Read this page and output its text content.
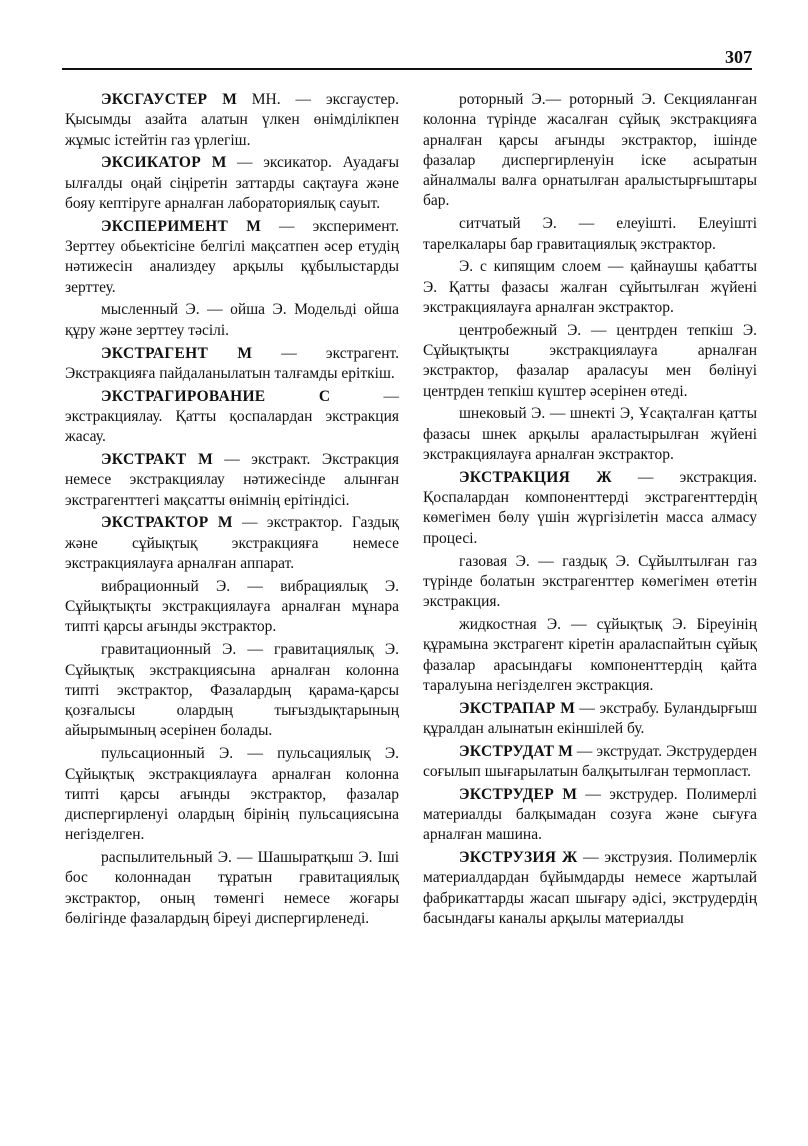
307

ЭКСГАУСТЕР М МН. — эксгаустер. Қысымды азайта алатын үлкен өнімділікпен жұмыс істейтін газ үрлегіш.

ЭКСИКАТОР М — эксикатор. Ауадағы ылғалды оңай сіңіретін заттарды сақтауға және бояу кептіруге арналған лабораториялық сауыт.

ЭКСПЕРИМЕНТ М — эксперимент. Зерттеу обьектісіне белгілі мақсатпен әсер етудің нәтижесін анализдеу арқылы құбылыстарды зерттеу.

мысленный Э. — ойша Э. Модельді ойша құру және зерттеу тәсілі.

ЭКСТРАГЕНТ М — экстрагент. Экстракцияға пайдаланылатын талғамды еріткіш.

ЭКСТРАГИРОВАНИЕ	С — экстракциялау. Қатты қоспалардан экстракция жасау.

ЭКСТРАКТ М — экстракт. Экстракция немесе экстракциялау нәтижесінде алынған экстрагенттегі мақсатты өнімнің ерітіндісі.

ЭКСТРАКТОР М — экстрактор. Газдық және сұйықтық экстракцияға немесе экстракциялауға арналған аппарат.

вибрационный Э. — вибрациялық Э. Сұйықтықты экстракциялауға арналған мұнара типті қарсы ағынды экстрактор.

гравитационный Э. — гравитациялық Э. Сұйықтық экстракциясына арналған колонна типті экстрактор, Фазалардың қарама-қарсы қозғалысы олардың тығыздықтарының айырымының әсерінен болады.

пульсационный Э. — пульсациялық Э. Сұйықтық экстракциялауға арналған колонна типті қарсы ағынды экстрактор, фазалар диспергирленуі олардың бірінің пульсациясына негізделген.

распылительный Э. — Шашыратқыш Э. Іші бос колоннадан тұратын гравитациялық экстрактор, оның төменгі немесе жоғары бөлігінде фазалардың біреуі диспергирленеді.

роторный Э.— роторный Э. Секцияланған колонна түрінде жасалған сұйық экстракцияға арналған қарсы ағынды экстрактор, ішінде фазалар диспергирленуін іске асыратын айналмалы валға орнатылған аралыстырғыштары бар.

ситчатый Э. — елеуішті. Елеуішті тарелкалары бар гравитациялық экстрактор.

Э. с кипящим слоем — қайнаушы қабатты Э. Қатты фазасы жалған сұйытылған жүйені экстракциялауға арналған экстрактор.

центробежный Э. — центрден тепкіш Э. Сұйықтықты экстракциялауға арналған экстрактор, фазалар араласуы мен бөлінуі центрден тепкіш күштер әсерінен өтеді.

шнековый Э. — шнекті Э, Ұсақталған қатты фазасы шнек арқылы араластырылған жүйені экстракциялауға арналған экстрактор.

ЭКСТРАКЦИЯ Ж — экстракция. Қоспалардан компоненттерді экстрагенттердің көмегімен бөлу үшін жүргізілетін масса алмасу процесі.

газовая Э. — газдық Э. Сұйылтылған газ түрінде болатын экстрагенттер көмегімен өтетін экстракция.

жидкостная Э. — сұйықтық Э. Біреуінің құрамына экстрагент кіретін араласпайтын сұйық фазалар арасындағы компоненттердің қайта таралуына негізделген экстракция.

ЭКСТРАПАР М — экстрабу. Буландырғыш құралдан алынатын екіншілей бу.

ЭКСТРУДАТ М — экструдат. Экструдерден соғылып шығарылатын балқытылған термопласт.

ЭКСТРУДЕР М — экструдер. Полимерлі материалды балқымадан созуға және сығуға арналған машина.

ЭКСТРУЗИЯ Ж — экструзия. Полимерлік материалдардан бұйымдарды немесе жартылай фабрикаттарды жасап шығару әдісі, экструдердің басындағы каналы арқылы материалды
